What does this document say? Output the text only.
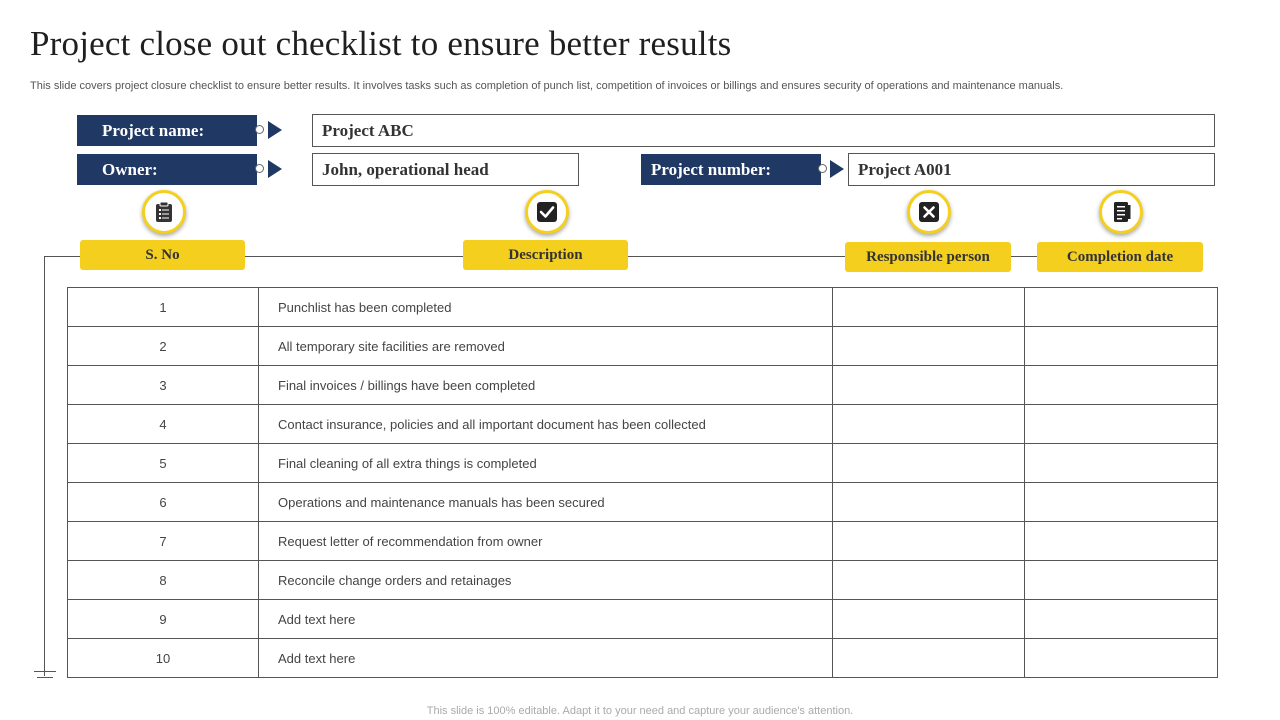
Project close out checklist to ensure better results
This slide covers project closure checklist to ensure better results. It involves tasks such as completion of punch list, competition of invoices or billings and ensures security of operations and maintenance manuals.
Project name:	Project ABC
Owner:	John, operational head	Project number:	Project A001
S. No	Description	Responsible person	Completion date
1	Punchlist has been completed		
2	All temporary site facilities are removed		
3	Final invoices / billings have been completed		
4	Contact insurance, policies and all important document has been collected		
5	Final cleaning of all extra things is completed		
6	Operations and maintenance manuals has been secured		
7	Request letter of recommendation from owner		
8	Reconcile change orders and retainages		
9	Add text here		
10	Add text here		
This slide is 100% editable. Adapt it to your need and capture your audience's attention.
